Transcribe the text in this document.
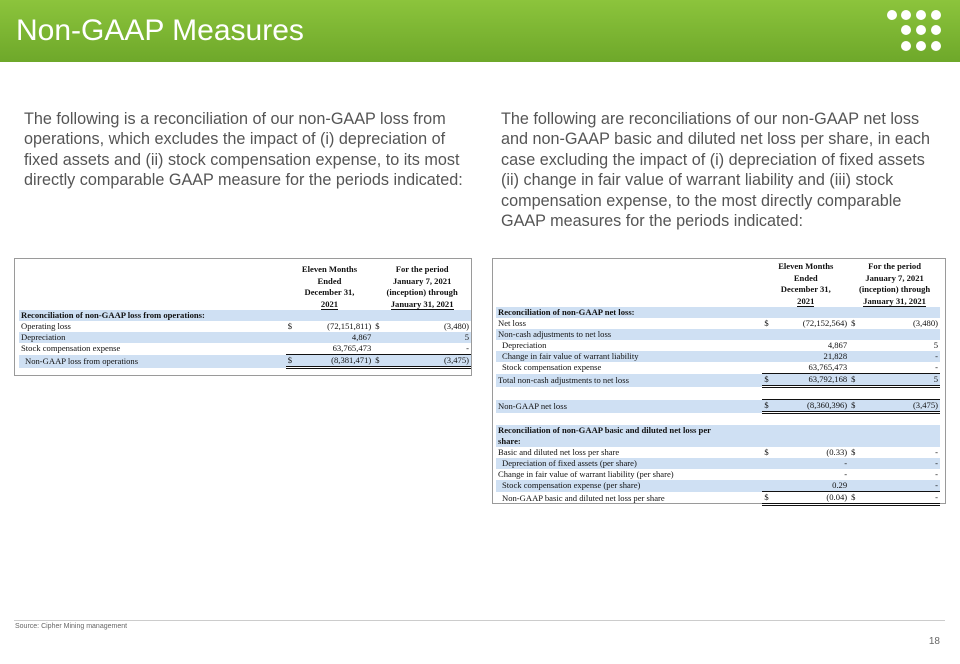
Non-GAAP Measures
The following is a reconciliation of our non-GAAP loss from operations, which excludes the impact of (i) depreciation of fixed assets and (ii) stock compensation expense, to its most directly comparable GAAP measure for the periods indicated:
The following are reconciliations of our non-GAAP net loss and non-GAAP basic and diluted net loss per share, in each case excluding the impact of (i) depreciation of fixed assets (ii) change in fair value of warrant liability and (iii) stock compensation expense, to the most directly comparable GAAP measures for the periods indicated:
	Eleven Months		For the period	
	Ended		January 7, 2021	
	December 31,		(inception) through	
	2021		January 31, 2021	
Reconciliation of non-GAAP loss from operations:				
Operating loss	$	(72,151,811)	$	(3,480)
Depreciation		4,867		5
Stock compensation expense		63,765,473		-
Non-GAAP loss from operations	$	(8,381,471)	$	(3,475)
	Eleven Months		For the period	
	Ended		January 7, 2021	
	December 31,		(inception) through	
	2021		January 31, 2021	
Reconciliation of non-GAAP net loss:				
Net loss	$	(72,152,564)	$	(3,480)
Non-cash adjustments to net loss				
Depreciation		4,867		5
Change in fair value of warrant liability		21,828		-
Stock compensation expense		63,765,473		-
Total non-cash adjustments to net loss	$	63,792,168	$	5

Non-GAAP net loss	$	(8,360,396)	$	(3,475)

Reconciliation of non-GAAP basic and diluted net loss per				
share:				
Basic and diluted net loss per share	$	(0.33)	$	-
Depreciation of fixed assets (per share)		-		-
Change in fair value of warrant liability (per share)		-		-
Stock compensation expense (per share)		0.29		-
Non-GAAP basic and diluted net loss per share	$	(0.04)	$	-
Source: Cipher Mining management
18
